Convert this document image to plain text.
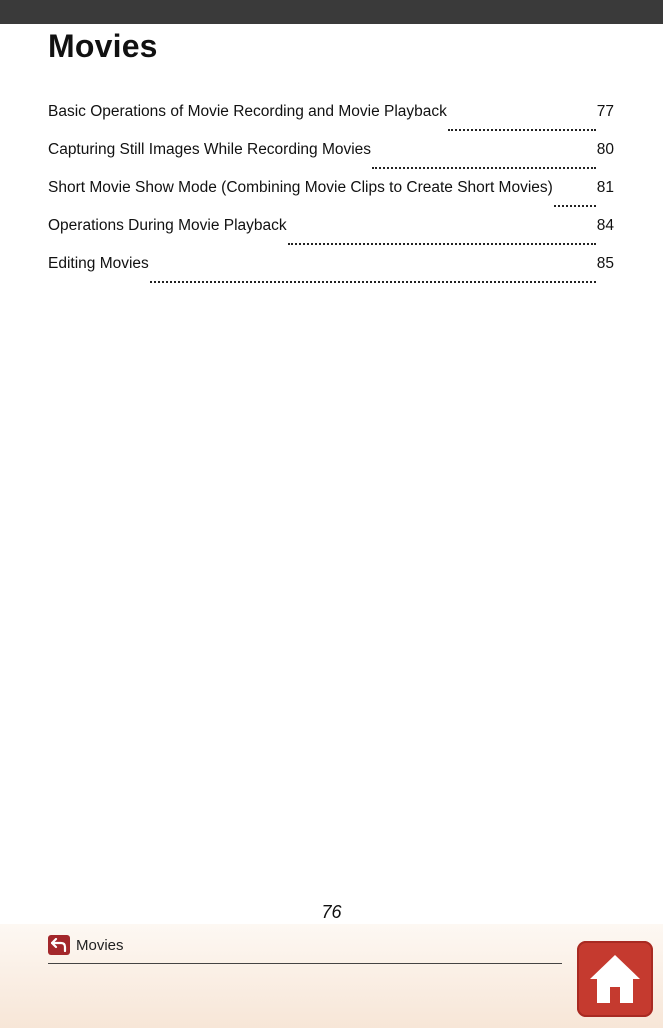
Movies
Basic Operations of Movie Recording and Movie Playback	77
Capturing Still Images While Recording Movies	80
Short Movie Show Mode (Combining Movie Clips to Create Short Movies)	81
Operations During Movie Playback	84
Editing Movies	85
76
Movies
